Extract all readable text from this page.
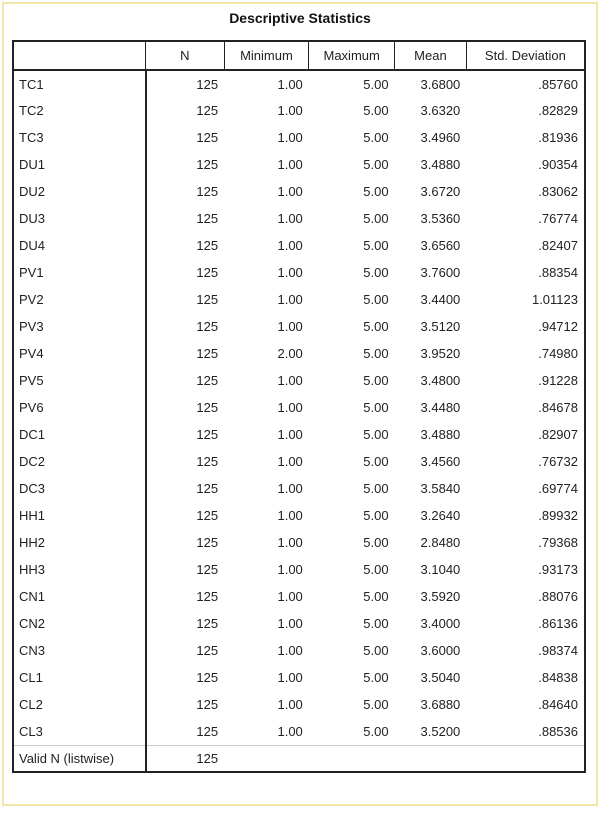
Descriptive Statistics
	N	Minimum	Maximum	Mean	Std. Deviation
TC1	125	1.00	5.00	3.6800	.85760
TC2	125	1.00	5.00	3.6320	.82829
TC3	125	1.00	5.00	3.4960	.81936
DU1	125	1.00	5.00	3.4880	.90354
DU2	125	1.00	5.00	3.6720	.83062
DU3	125	1.00	5.00	3.5360	.76774
DU4	125	1.00	5.00	3.6560	.82407
PV1	125	1.00	5.00	3.7600	.88354
PV2	125	1.00	5.00	3.4400	1.01123
PV3	125	1.00	5.00	3.5120	.94712
PV4	125	2.00	5.00	3.9520	.74980
PV5	125	1.00	5.00	3.4800	.91228
PV6	125	1.00	5.00	3.4480	.84678
DC1	125	1.00	5.00	3.4880	.82907
DC2	125	1.00	5.00	3.4560	.76732
DC3	125	1.00	5.00	3.5840	.69774
HH1	125	1.00	5.00	3.2640	.89932
HH2	125	1.00	5.00	2.8480	.79368
HH3	125	1.00	5.00	3.1040	.93173
CN1	125	1.00	5.00	3.5920	.88076
CN2	125	1.00	5.00	3.4000	.86136
CN3	125	1.00	5.00	3.6000	.98374
CL1	125	1.00	5.00	3.5040	.84838
CL2	125	1.00	5.00	3.6880	.84640
CL3	125	1.00	5.00	3.5200	.88536
Valid N (listwise)	125				
